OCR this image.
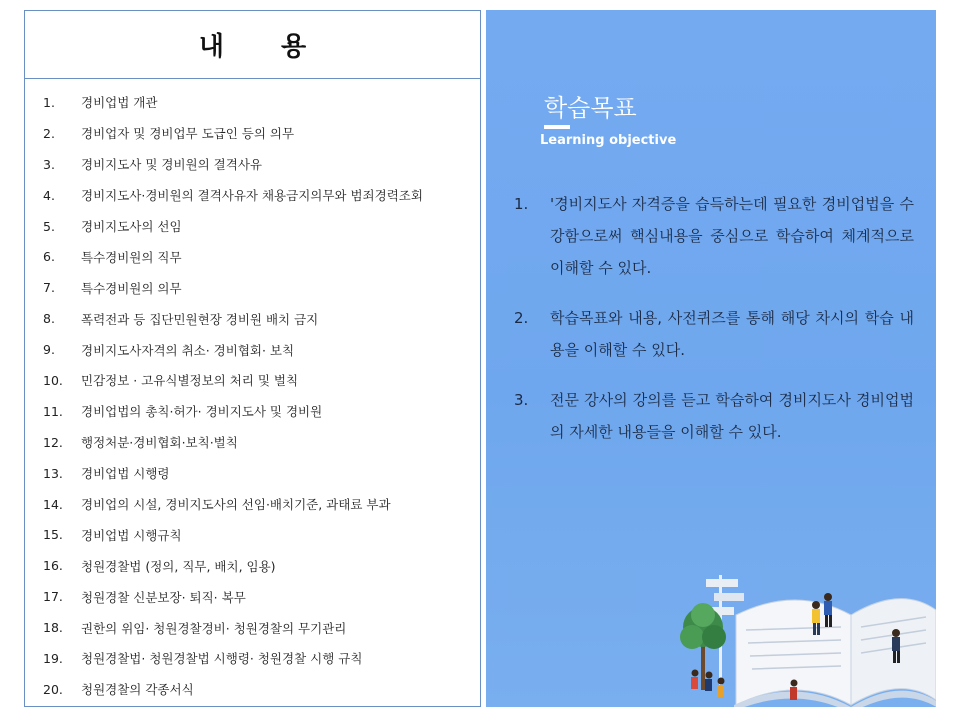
내 용
1.	경비업법 개관
2.	경비업자 및 경비업무 도급인 등의 의무
3.	경비지도사 및 경비원의 결격사유
4.	경비지도사·경비원의 결격사유자 채용금지의무와 범죄경력조회
5.	경비지도사의 선임
6.	특수경비원의 직무
7.	특수경비원의 의무
8.	폭력전과 등 집단민원현장 경비원 배치 금지
9.	경비지도사자격의 취소· 경비협회· 보칙
10.	민감정보 · 고유식별정보의 처리 및 벌칙
11.	경비업법의 총칙·허가· 경비지도사 및 경비원
12.	행정처분·경비협회·보칙·벌칙
13.	경비업법 시행령
14.	경비업의 시설, 경비지도사의 선임·배치기준, 과태료 부과
15.	경비업법 시행규칙
16.	청원경찰법 (정의, 직무, 배치, 임용)
17.	청원경찰 신분보장· 퇴직· 복무
18.	권한의 위임· 청원경찰경비· 청원경찰의 무기관리
19.	청원경찰법· 청원경찰법 시행령· 청원경찰 시행 규칙
20.	청원경찰의 각종서식
학습목표
Learning objective
1.	'경비지도사 자격증을 습득하는데 필요한 경비업법을 수강함으로써 핵심내용을 중심으로 학습하여 체계적으로 이해할 수 있다.
2.	학습목표와 내용, 사전퀴즈를 통해 해당 차시의 학습 내용을 이해할 수 있다.
3.	전문 강사의 강의를 듣고 학습하여 경비지도사 경비업법의 자세한 내용들을 이해할 수 있다.
